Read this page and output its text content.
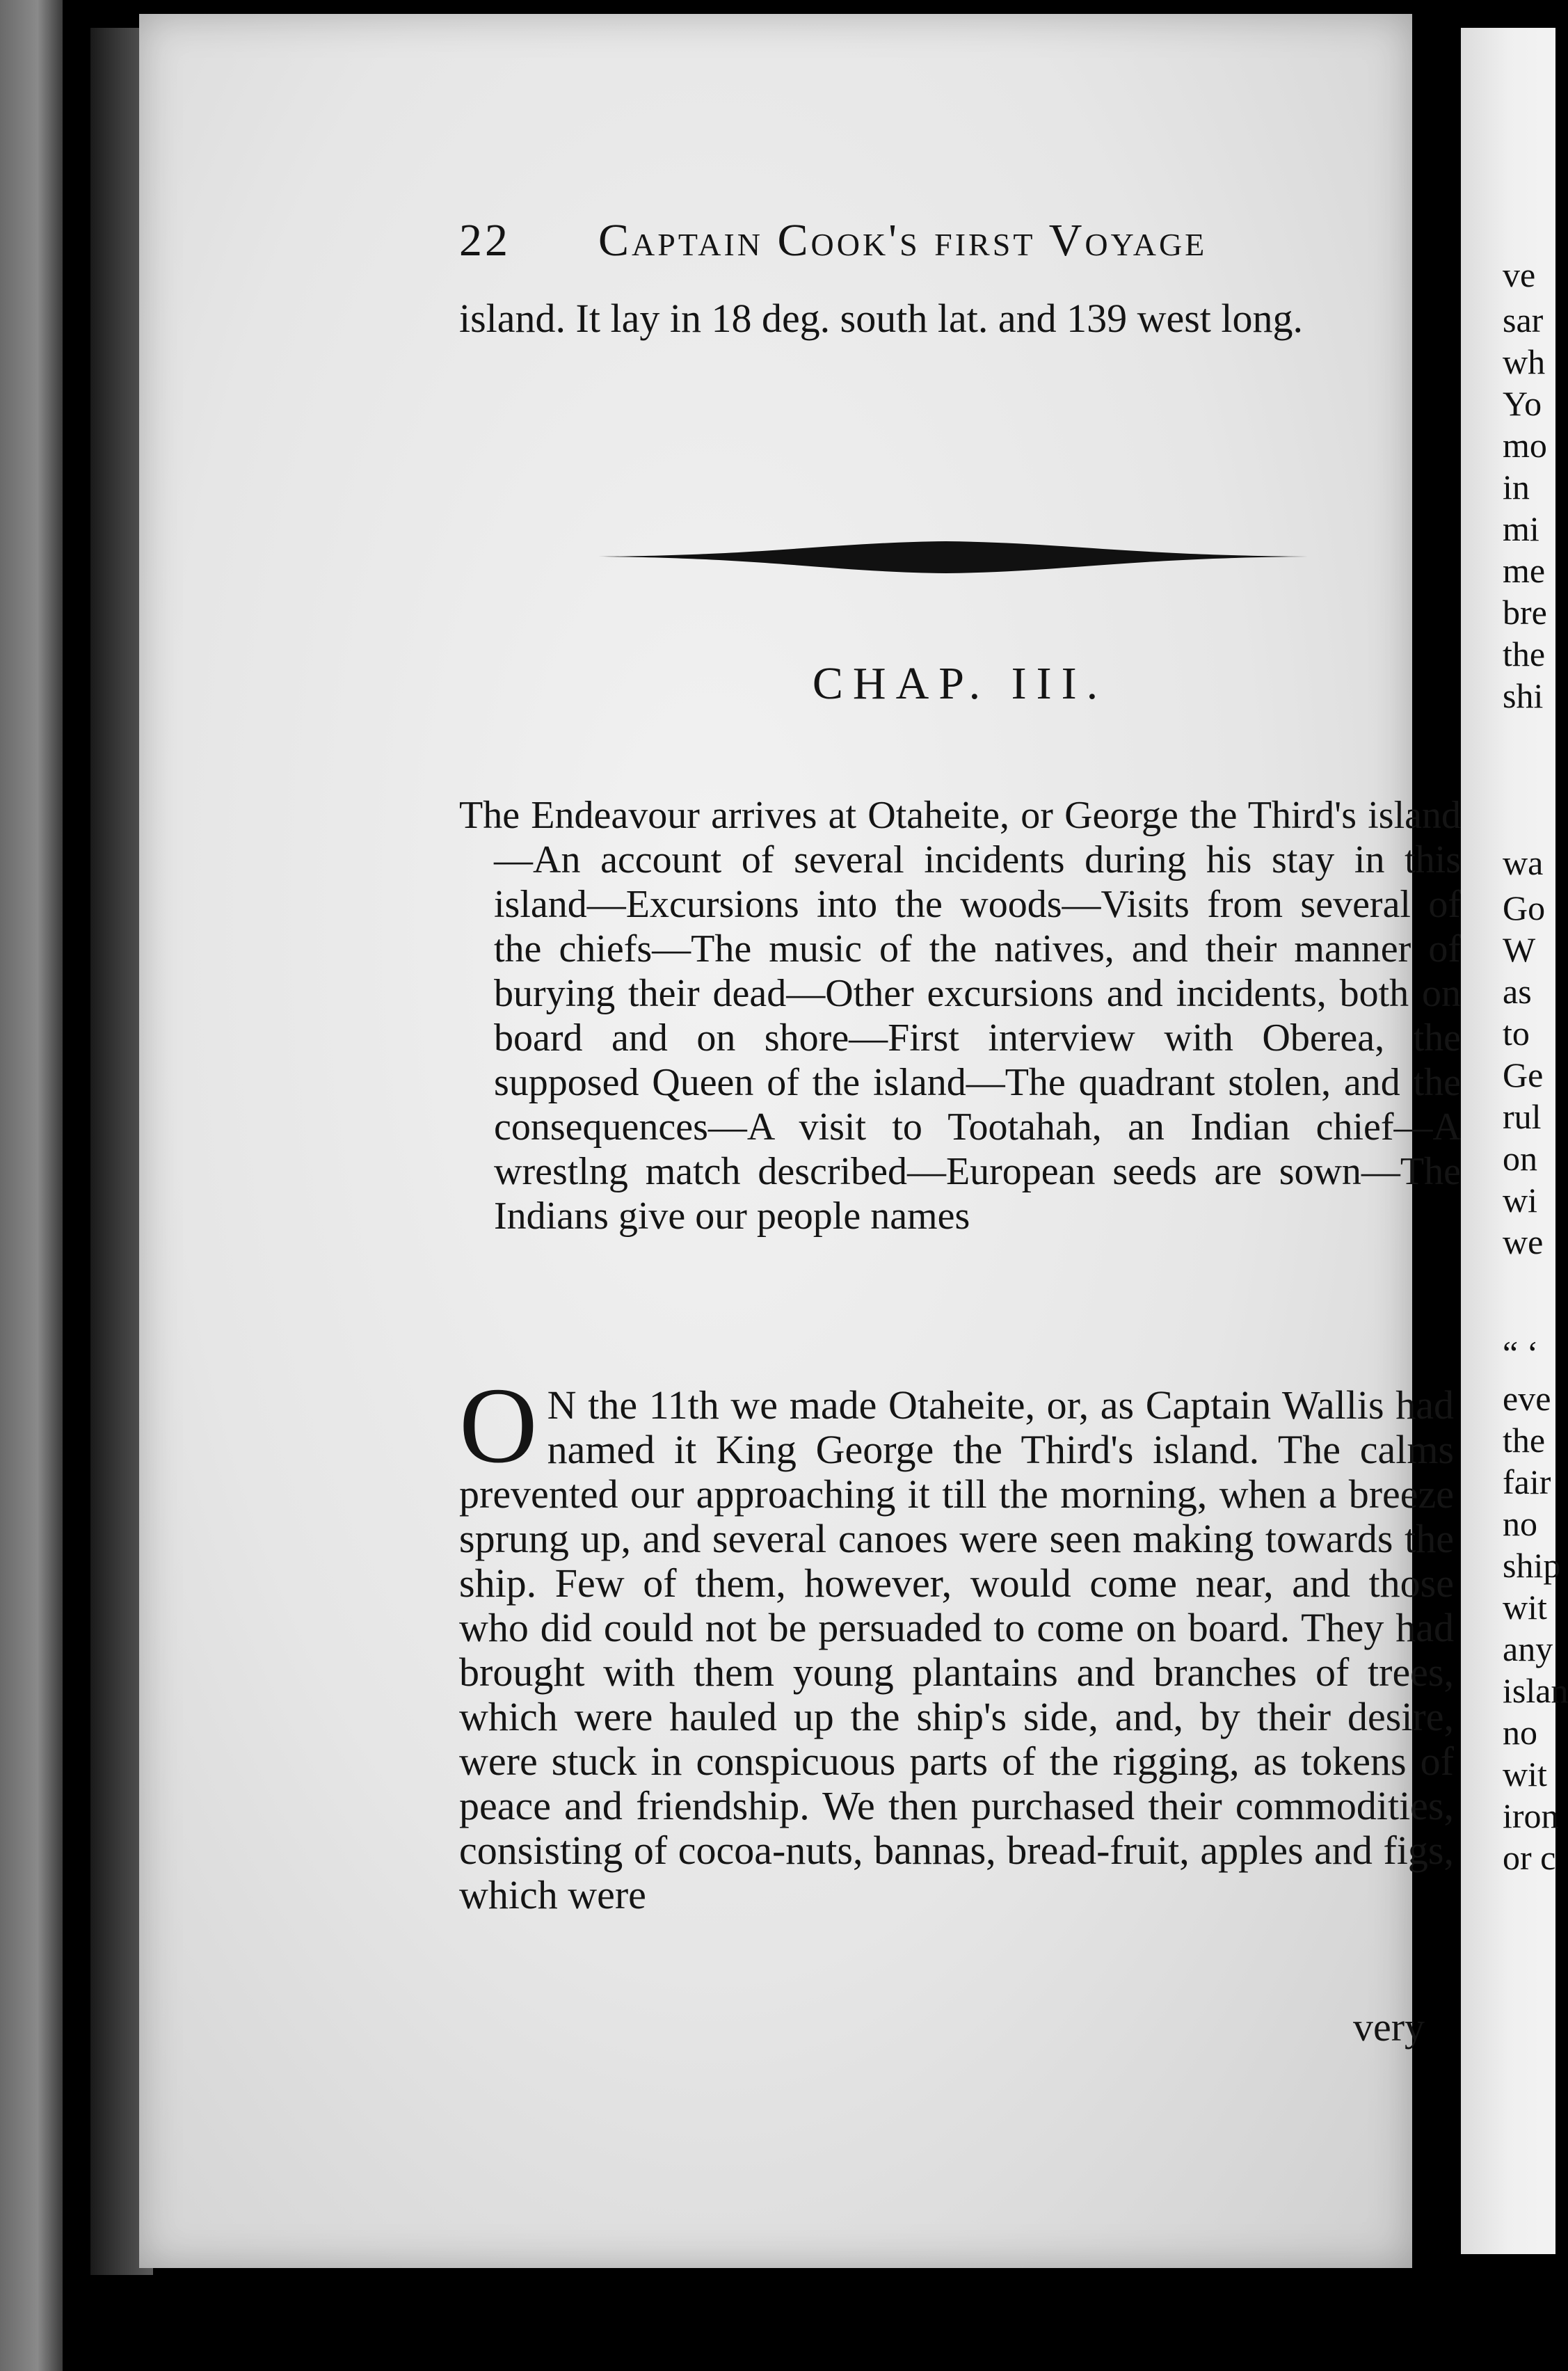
22 Captain Cook's first Voyage

island. It lay in 18 deg. south lat. and 139 west long.

CHAP. III.

The Endeavour arrives at Otaheite, or George the Third's island—An account of several incidents during his stay in this island—Excursions into the woods—Visits from several of the chiefs—The music of the natives, and their manner of burying their dead—Other excursions and incidents, both on board and on shore—First interview with Oberea, the supposed Queen of the island—The quadrant stolen, and the consequences—A visit to Tootahah, an Indian chief—A wrestlng match described—European seeds are sown—The Indians give our people names

O N the 11th we made Otaheite, or, as Captain Wallis had named it King George the Third's island. The calms prevented our approaching it till the morning, when a breeze sprung up, and several canoes were seen making towards the ship. Few of them, however, would come near, and those who did could not be persuaded to come on board. They had brought with them young plantains and branches of trees, which were hauled up the ship's side, and, by their desire, were stuck in conspicuous parts of the rigging, as tokens of peace and friendship. We then purchased their commodities, consisting of cocoa-nuts, bannas, bread-fruit, apples and figs, which were

very
ve
sar
wh
Yo
mo
in
mi
me
bre
the
shi
wa
Go
W
as
to
Ge
rul
on
wi
we
“ ‘
eve
the
fair
no
ship
wit
any
islan
no
wit
iron
or c
